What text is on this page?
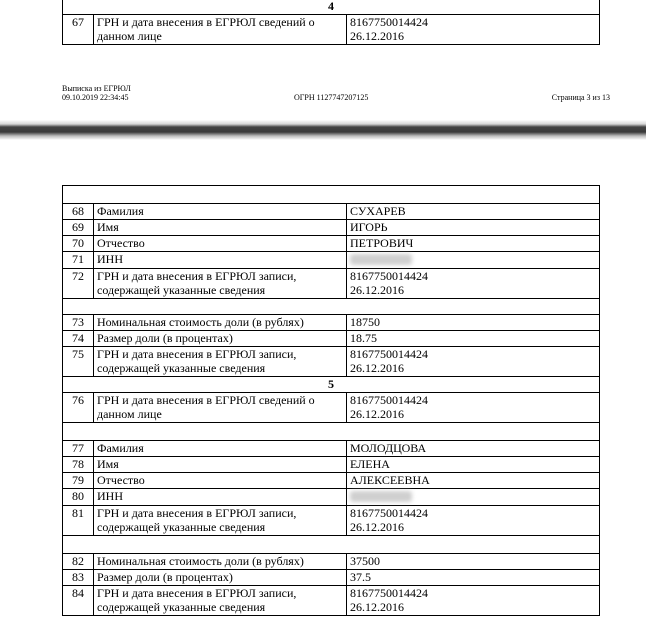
4
67	ГРН и дата внесения в ЕГРЮЛ сведений о данном лице	
8167750014424
26.12.2016
Выписка из ЕГРЮЛ
09.10.2019 22:34:45	ОГРН 1127747207125	Страница 3 из 13

68	Фамилия	СУХАРЕВ
69	Имя	ИГОРЬ
70	Отчество	ПЕТРОВИЧ
71	ИНН	
72	ГРН и дата внесения в ЕГРЮЛ записи, содержащей указанные сведения	8167750014424
26.12.2016

73	Номинальная стоимость доли (в рублях)	18750
74	Размер доли (в процентах)	18.75
75	ГРН и дата внесения в ЕГРЮЛ записи, содержащей указанные сведения	8167750014424
26.12.2016

5		
76	ГРН и дата внесения в ЕГРЮЛ сведений о данном лице	8167750014424
26.12.2016

77	Фамилия	МОЛОДЦОВА
78	Имя	ЕЛЕНА
79	Отчество	АЛЕКСЕЕВНА
80	ИНН	
81	ГРН и дата внесения в ЕГРЮЛ записи, содержащей указанные сведения	8167750014424
26.12.2016

82	Номинальная стоимость доли (в рублях)	37500
83	Размер доли (в процентах)	37.5
84	ГРН и дата внесения в ЕГРЮЛ записи, содержащей указанные сведения	8167750014424
26.12.2016
